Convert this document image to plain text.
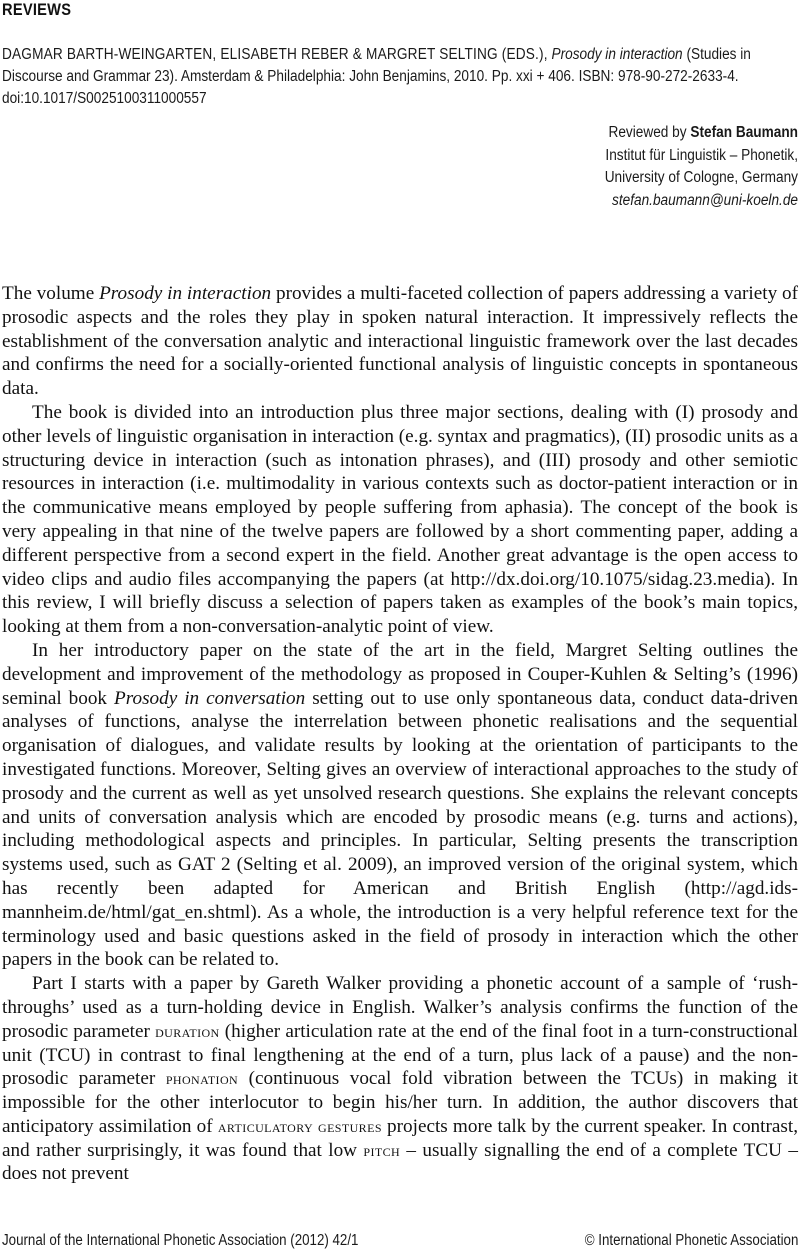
REVIEWS
DAGMAR BARTH-WEINGARTEN, ELISABETH REBER & MARGRET SELTING (EDS.), Prosody in interaction (Studies in Discourse and Grammar 23). Amsterdam & Philadelphia: John Benjamins, 2010. Pp. xxi + 406. ISBN: 978-90-272-2633-4.
doi:10.1017/S0025100311000557
Reviewed by Stefan Baumann
Institut für Linguistik – Phonetik,
University of Cologne, Germany
stefan.baumann@uni-koeln.de

The volume Prosody in interaction provides a multi-faceted collection of papers addressing a variety of prosodic aspects and the roles they play in spoken natural interaction. It impressively reflects the establishment of the conversation analytic and interactional linguistic framework over the last decades and confirms the need for a socially-oriented functional analysis of linguistic concepts in spontaneous data.

The book is divided into an introduction plus three major sections, dealing with (I) prosody and other levels of linguistic organisation in interaction (e.g. syntax and pragmatics), (II) prosodic units as a structuring device in interaction (such as intonation phrases), and (III) prosody and other semiotic resources in interaction (i.e. multimodality in various contexts such as doctor-patient interaction or in the communicative means employed by people suffering from aphasia). The concept of the book is very appealing in that nine of the twelve papers are followed by a short commenting paper, adding a different perspective from a second expert in the field. Another great advantage is the open access to video clips and audio files accompanying the papers (at http://dx.doi.org/10.1075/sidag.23.media). In this review, I will briefly discuss a selection of papers taken as examples of the book’s main topics, looking at them from a non-conversation-analytic point of view.

In her introductory paper on the state of the art in the field, Margret Selting outlines the development and improvement of the methodology as proposed in Couper-Kuhlen & Selting’s (1996) seminal book Prosody in conversation setting out to use only spontaneous data, conduct data-driven analyses of functions, analyse the interrelation between phonetic realisations and the sequential organisation of dialogues, and validate results by looking at the orientation of participants to the investigated functions. Moreover, Selting gives an overview of interactional approaches to the study of prosody and the current as well as yet unsolved research questions. She explains the relevant concepts and units of conversation analysis which are encoded by prosodic means (e.g. turns and actions), including methodological aspects and principles. In particular, Selting presents the transcription systems used, such as GAT 2 (Selting et al. 2009), an improved version of the original system, which has recently been adapted for American and British English (http://agd.ids-mannheim.de/html/gat_en.shtml). As a whole, the introduction is a very helpful reference text for the terminology used and basic questions asked in the field of prosody in interaction which the other papers in the book can be related to.

Part I starts with a paper by Gareth Walker providing a phonetic account of a sample of ‘rush-throughs’ used as a turn-holding device in English. Walker’s analysis confirms the function of the prosodic parameter duration (higher articulation rate at the end of the final foot in a turn-constructional unit (TCU) in contrast to final lengthening at the end of a turn, plus lack of a pause) and the non-prosodic parameter phonation (continuous vocal fold vibration between the TCUs) in making it impossible for the other interlocutor to begin his/her turn. In addition, the author discovers that anticipatory assimilation of articulatory gestures projects more talk by the current speaker. In contrast, and rather surprisingly, it was found that low pitch – usually signalling the end of a complete TCU – does not prevent

Journal of the International Phonetic Association (2012) 42/1	© International Phonetic Association
